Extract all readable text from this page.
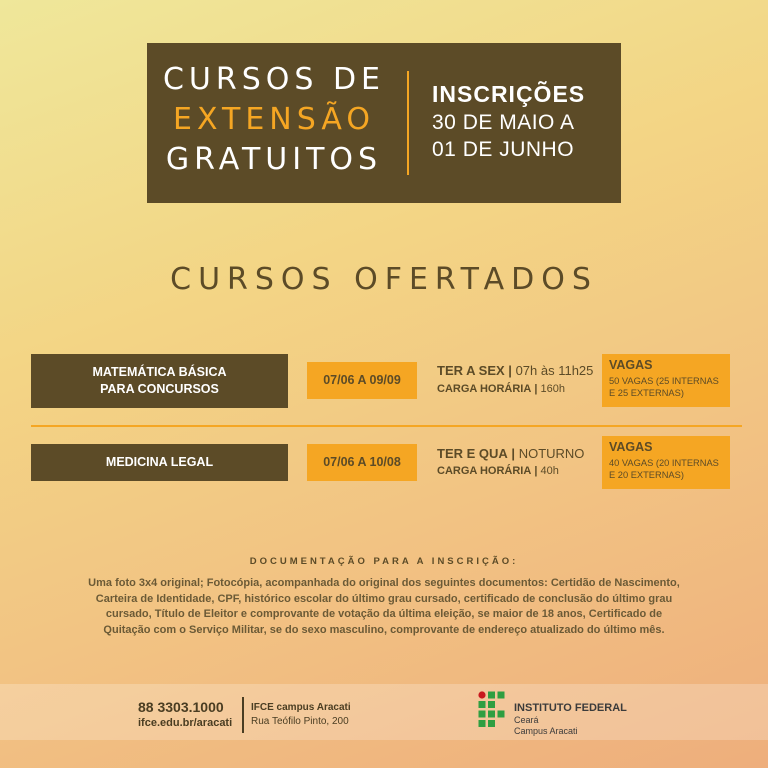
CURSOS DE
EXTENSÃO
GRATUITOS
INSCRIÇÕES
30 DE MAIO A
01 DE JUNHO
CURSOS OFERTADOS
MATEMÁTICA BÁSICA
PARA CONCURSOS
07/06 A 09/09
TER A SEX | 07h às 11h25
CARGA HORÁRIA | 160h
VAGAS
50 VAGAS (25 INTERNAS
E 25 EXTERNAS)
MEDICINA LEGAL	07/06 A 10/08
TER E QUA | NOTURNO
CARGA HORÁRIA | 40h
VAGAS
40 VAGAS (20 INTERNAS
E 20 EXTERNAS)
DOCUMENTAÇÃO PARA A INSCRIÇÃO:
Uma foto 3x4 original; Fotocópia, acompanhada do original dos seguintes documentos: Certidão de Nascimento,
Carteira de Identidade, CPF, histórico escolar do último grau cursado, certificado de conclusão do último grau
cursado, Título de Eleitor e comprovante de votação da última eleição, se maior de 18 anos, Certificado de
Quitação com o Serviço Militar, se do sexo masculino, comprovante de endereço atualizado do último mês.
88 3303.1000
ifce.edu.br/aracati
IFCE campus Aracati
Rua Teófilo Pinto, 200
INSTITUTO FEDERAL
Ceará
Campus Aracati
